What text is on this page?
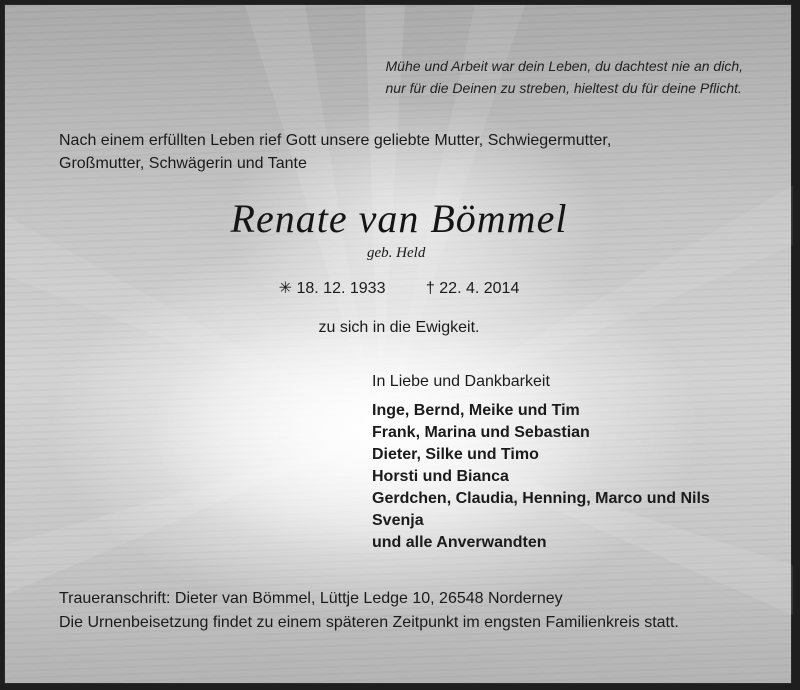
Mühe und Arbeit war dein Leben, du dachtest nie an dich,
nur für die Deinen zu streben, hieltest du für deine Pflicht.
Nach einem erfüllten Leben rief Gott unsere geliebte Mutter, Schwiegermutter,
Großmutter, Schwägerin und Tante
Renate van Bömmel
geb. Held
✳ 18. 12. 1933	† 22. 4. 2014
zu sich in die Ewigkeit.
In Liebe und Dankbarkeit
Inge, Bernd, Meike und Tim
Frank, Marina und Sebastian
Dieter, Silke und Timo
Horsti und Bianca
Gerdchen, Claudia, Henning, Marco und Nils
Svenja
und alle Anverwandten
Traueranschrift: Dieter van Bömmel, Lüttje Ledge 10, 26548 Norderney
Die Urnenbeisetzung findet zu einem späteren Zeitpunkt im engsten Familienkreis statt.
